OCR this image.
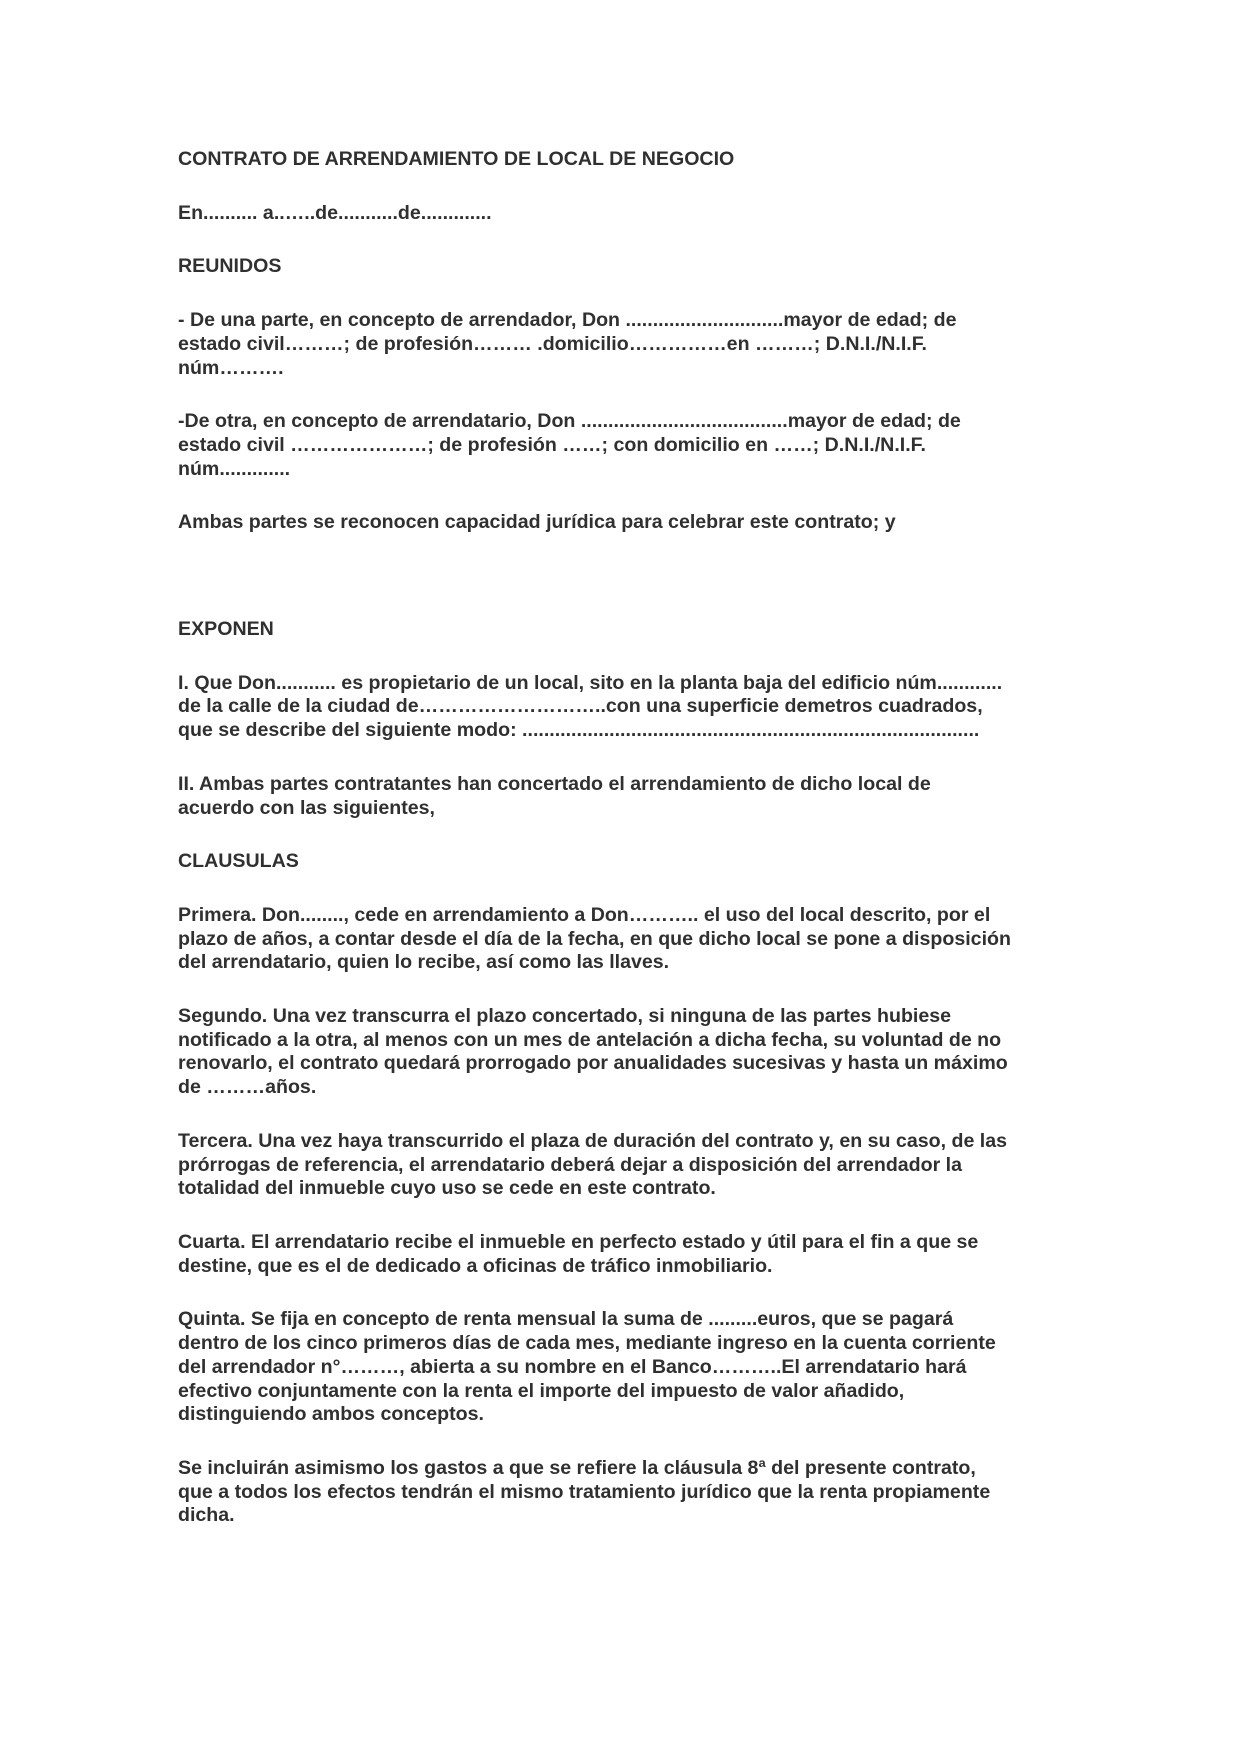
CONTRATO DE ARRENDAMIENTO DE LOCAL DE NEGOCIO

En.......... a..…..de...........de.............

REUNIDOS

- De una parte, en concepto de arrendador, Don .............................mayor de edad; de
estado civil………; de profesión……… .domicilio……………en ………; D.N.I./N.I.F.
núm……….

-De otra, en concepto de arrendatario, Don ......................................mayor de edad; de
estado civil …………………; de profesión ……; con domicilio en ……; D.N.I./N.I.F.
núm.............

Ambas partes se reconocen capacidad jurídica para celebrar este contrato; y

EXPONEN

I. Que Don........... es propietario de un local, sito en la planta baja del edificio núm............
de la calle de la ciudad de………………………..con una superficie demetros cuadrados,
que se describe del siguiente modo: ....................................................................................

II. Ambas partes contratantes han concertado el arrendamiento de dicho local de
acuerdo con las siguientes,

CLAUSULAS

Primera. Don........, cede en arrendamiento a Don……….. el uso del local descrito, por el
plazo de años, a contar desde el día de la fecha, en que dicho local se pone a disposición
del arrendatario, quien lo recibe, así como las llaves.

Segundo. Una vez transcurra el plazo concertado, si ninguna de las partes hubiese
notificado a la otra, al menos con un mes de antelación a dicha fecha, su voluntad de no
renovarlo, el contrato quedará prorrogado por anualidades sucesivas y hasta un máximo
de ………años.

Tercera. Una vez haya transcurrido el plaza de duración del contrato y, en su caso, de las
prórrogas de referencia, el arrendatario deberá dejar a disposición del arrendador la
totalidad del inmueble cuyo uso se cede en este contrato.

Cuarta. El arrendatario recibe el inmueble en perfecto estado y útil para el fin a que se
destine, que es el de dedicado a oficinas de tráfico inmobiliario.

Quinta. Se fija en concepto de renta mensual la suma de .........euros, que se pagará
dentro de los cinco primeros días de cada mes, mediante ingreso en la cuenta corriente
del arrendador n°………, abierta a su nombre en el Banco………..El arrendatario hará
efectivo conjuntamente con la renta el importe del impuesto de valor añadido,
distinguiendo ambos conceptos.

Se incluirán asimismo los gastos a que se refiere la cláusula 8ª del presente contrato,
que a todos los efectos tendrán el mismo tratamiento jurídico que la renta propiamente
dicha.
